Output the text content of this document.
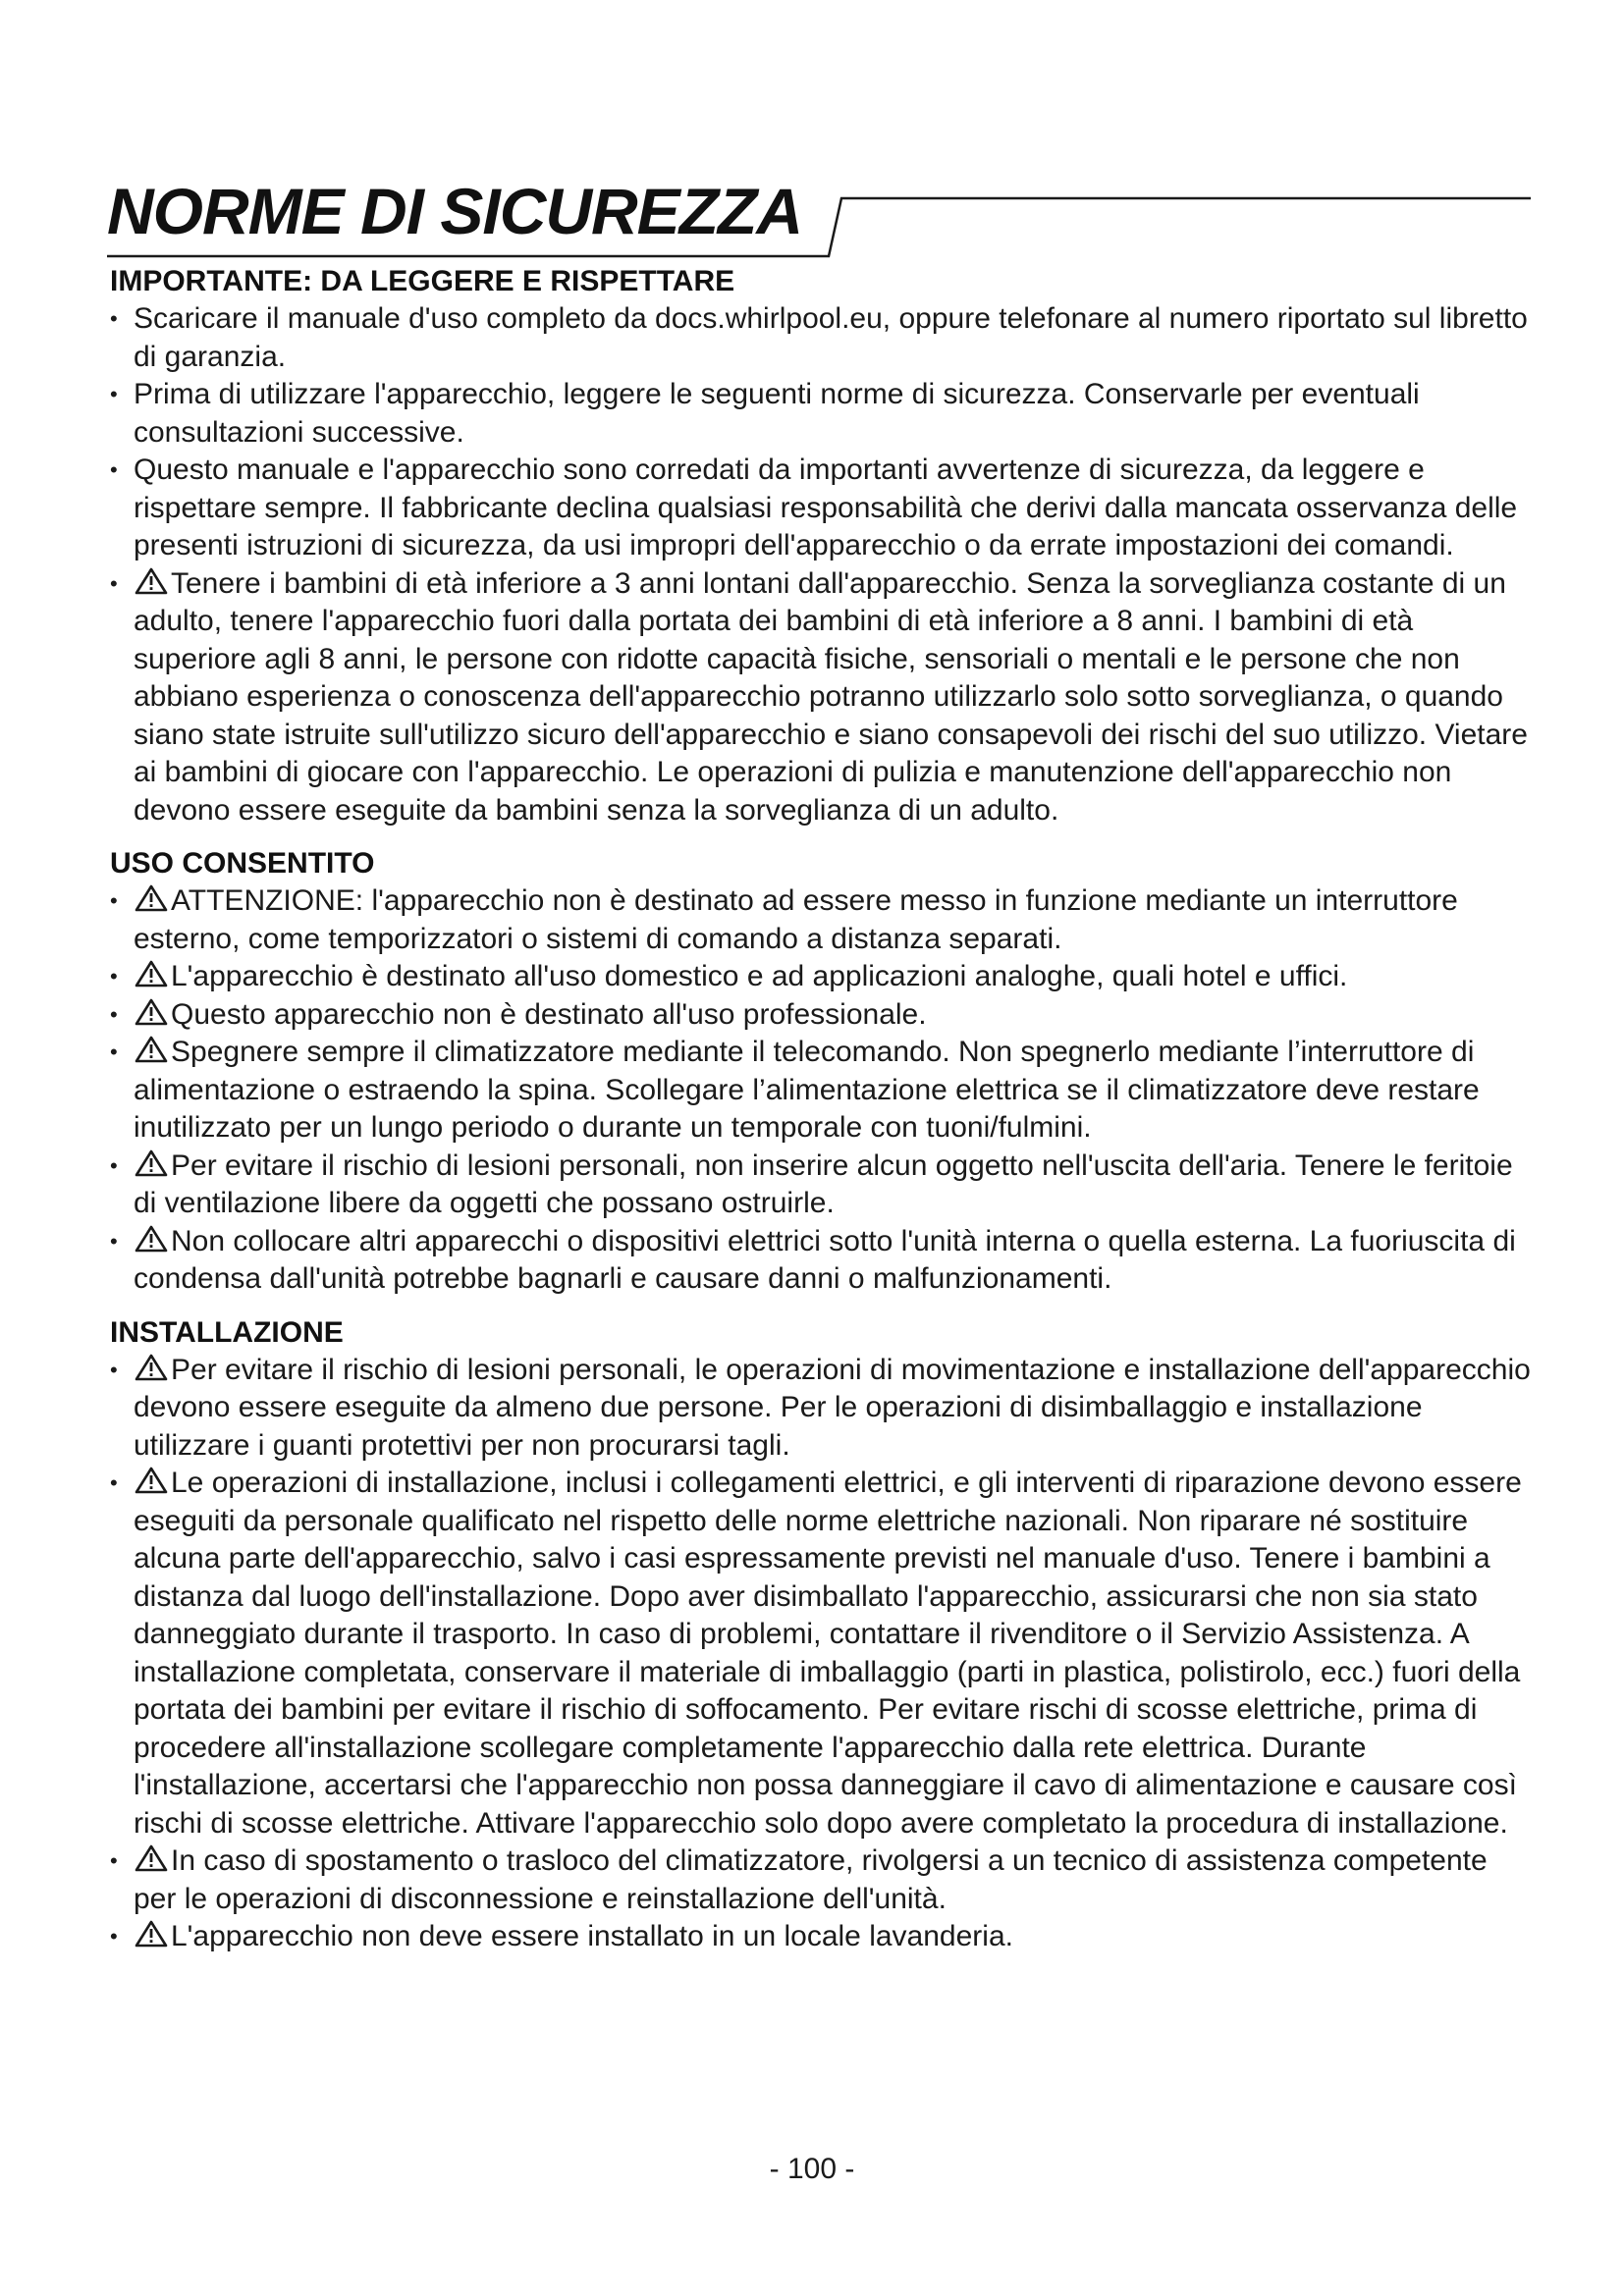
NORME DI SICUREZZA
IMPORTANTE: DA LEGGERE E RISPETTARE
• Scaricare il manuale d'uso completo da docs.whirlpool.eu, oppure telefonare al numero riportato sul libretto di garanzia.
• Prima di utilizzare l'apparecchio, leggere le seguenti norme di sicurezza. Conservarle per eventuali consultazioni successive.
• Questo manuale e l'apparecchio sono corredati da importanti avvertenze di sicurezza, da leggere e rispettare sempre. Il fabbricante declina qualsiasi responsabilità che derivi dalla mancata osservanza delle presenti istruzioni di sicurezza, da usi impropri dell'apparecchio o da errate impostazioni dei comandi.
•	Tenere i bambini di età inferiore a 3 anni lontani dall'apparecchio. Senza la sorveglianza costante di un adulto, tenere l'apparecchio fuori dalla portata dei bambini di età inferiore a 8 anni. I bambini di età superiore agli 8 anni, le persone con ridotte capacità fisiche, sensoriali o mentali e le persone che non abbiano esperienza o conoscenza dell'apparecchio potranno utilizzarlo solo sotto sorveglianza, o quando siano state istruite sull'utilizzo sicuro dell'apparecchio e siano consapevoli dei rischi del suo utilizzo. Vietare ai bambini di giocare con l'apparecchio. Le operazioni di pulizia e manutenzione dell'apparecchio non devono essere eseguite da bambini senza la sorveglianza di un adulto.
USO CONSENTITO
•	ATTENZIONE: l'apparecchio non è destinato ad essere messo in funzione mediante un interruttore esterno, come temporizzatori o sistemi di comando a distanza separati.
•	L'apparecchio è destinato all'uso domestico e ad applicazioni analoghe, quali hotel e uffici.
•	Questo apparecchio non è destinato all'uso professionale.
•	Spegnere sempre il climatizzatore mediante il telecomando. Non spegnerlo mediante l’interruttore di alimentazione o estraendo la spina. Scollegare l’alimentazione elettrica se il climatizzatore deve restare inutilizzato per un lungo periodo o durante un temporale con tuoni/fulmini.
•	Per evitare il rischio di lesioni personali, non inserire alcun oggetto nell'uscita dell'aria. Tenere le feritoie di ventilazione libere da oggetti che possano ostruirle.
•	Non collocare altri apparecchi o dispositivi elettrici sotto l'unità interna o quella esterna. La fuoriuscita di condensa dall'unità potrebbe bagnarli e causare danni o malfunzionamenti.
INSTALLAZIONE
•	Per evitare il rischio di lesioni personali, le operazioni di movimentazione e installazione dell'apparecchio devono essere eseguite da almeno due persone. Per le operazioni di disimballaggio e installazione utilizzare i guanti protettivi per non procurarsi tagli.
•	Le operazioni di installazione, inclusi i collegamenti elettrici, e gli interventi di riparazione devono essere eseguiti da personale qualificato nel rispetto delle norme elettriche nazionali. Non riparare né sostituire alcuna parte dell'apparecchio, salvo i casi espressamente previsti nel manuale d'uso. Tenere i bambini a distanza dal luogo dell'installazione. Dopo aver disimballato l'apparecchio, assicurarsi che non sia stato danneggiato durante il trasporto. In caso di problemi, contattare il rivenditore o il Servizio Assistenza. A installazione completata, conservare il materiale di imballaggio (parti in plastica, polistirolo, ecc.) fuori della portata dei bambini per evitare il rischio di soffocamento. Per evitare rischi di scosse elettriche, prima di procedere all'installazione scollegare completamente l'apparecchio dalla rete elettrica. Durante l'installazione, accertarsi che l'apparecchio non possa danneggiare il cavo di alimentazione e causare così rischi di scosse elettriche. Attivare l'apparecchio solo dopo avere completato la procedura di installazione.
•	In caso di spostamento o trasloco del climatizzatore, rivolgersi a un tecnico di assistenza competente per le operazioni di disconnessione e reinstallazione dell'unità.
•	L'apparecchio non deve essere installato in un locale lavanderia.
- 100 -
